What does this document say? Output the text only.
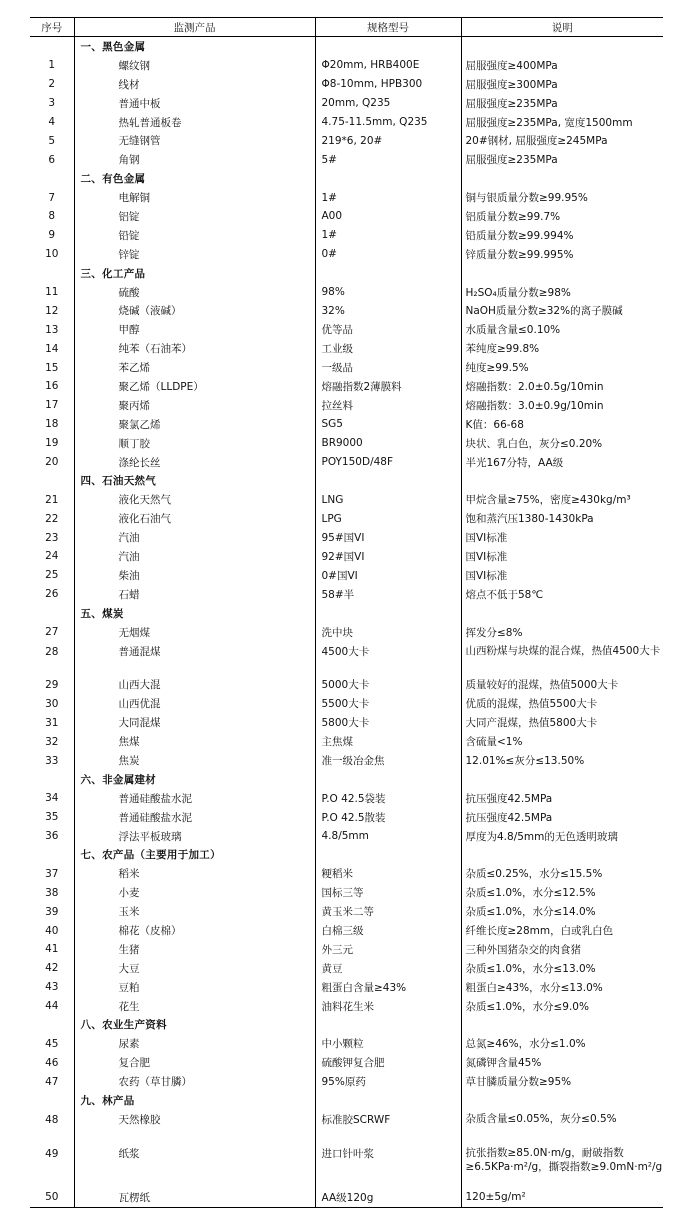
序号	监测产品	规格型号	说明
	一、黑色金属		
1	螺纹钢	Φ20mm, HRB400E	屈服强度≥400MPa
2	线材	Φ8-10mm, HPB300	屈服强度≥300MPa
3	普通中板	20mm, Q235	屈服强度≥235MPa
4	热轧普通板卷	4.75-11.5mm, Q235	屈服强度≥235MPa, 宽度1500mm
5	无缝钢管	219*6, 20#	20#钢材, 屈服强度≥245MPa
6	角钢	5#	屈服强度≥235MPa
	二、有色金属		
7	电解铜	1#	铜与银质量分数≥99.95%
8	铝锭	A00	铝质量分数≥99.7%
9	铅锭	1#	铅质量分数≥99.994%
10	锌锭	0#	锌质量分数≥99.995%
	三、化工产品		
11	硫酸	98%	H₂SO₄质量分数≥98%
12	烧碱（液碱）	32%	NaOH质量分数≥32%的离子膜碱
13	甲醇	优等品	水质量含量≤0.10%
14	纯苯（石油苯）	工业级	苯纯度≥99.8%
15	苯乙烯	一级品	纯度≥99.5%
16	聚乙烯（LLDPE）	熔融指数2薄膜料	熔融指数：2.0±0.5g/10min
17	聚丙烯	拉丝料	熔融指数：3.0±0.9g/10min
18	聚氯乙烯	SG5	K值：66-68
19	顺丁胶	BR9000	块状、乳白色，灰分≤0.20%
20	涤纶长丝	POY150D/48F	半光167分特，AA级
	四、石油天然气		
21	液化天然气	LNG	甲烷含量≥75%，密度≥430kg/m³
22	液化石油气	LPG	饱和蒸汽压1380-1430kPa
23	汽油	95#国VI	国VI标准
24	汽油	92#国VI	国VI标准
25	柴油	0#国VI	国VI标准
26	石蜡	58#半	熔点不低于58℃
	五、煤炭		
27	无烟煤	洗中块	挥发分≤8%
28	普通混煤	4500大卡	山西粉煤与块煤的混合煤，热值4500大卡
29	山西大混	5000大卡	质量较好的混煤，热值5000大卡
30	山西优混	5500大卡	优质的混煤，热值5500大卡
31	大同混煤	5800大卡	大同产混煤，热值5800大卡
32	焦煤	主焦煤	含硫量<1%
33	焦炭	准一级冶金焦	12.01%≤灰分≤13.50%
	六、非金属建材		
34	普通硅酸盐水泥	P.O 42.5袋装	抗压强度42.5MPa
35	普通硅酸盐水泥	P.O 42.5散装	抗压强度42.5MPa
36	浮法平板玻璃	4.8/5mm	厚度为4.8/5mm的无色透明玻璃
	七、农产品（主要用于加工）		
37	稻米	粳稻米	杂质≤0.25%，水分≤15.5%
38	小麦	国标三等	杂质≤1.0%，水分≤12.5%
39	玉米	黄玉米二等	杂质≤1.0%，水分≤14.0%
40	棉花（皮棉）	白棉三级	纤维长度≥28mm，白或乳白色
41	生猪	外三元	三种外国猪杂交的肉食猪
42	大豆	黄豆	杂质≤1.0%，水分≤13.0%
43	豆粕	粗蛋白含量≥43%	粗蛋白≥43%，水分≤13.0%
44	花生	油料花生米	杂质≤1.0%，水分≤9.0%
	八、农业生产资料		
45	尿素	中小颗粒	总氮≥46%，水分≤1.0%
46	复合肥	硫酸钾复合肥	氮磷钾含量45%
47	农药（草甘膦）	95%原药	草甘膦质量分数≥95%
	九、林产品		
48	天然橡胶	标准胶SCRWF	杂质含量≤0.05%，灰分≤0.5%
49	纸浆	进口针叶浆	抗张指数≥85.0N·m/g，耐破指数≥6.5KPa·m²/g，撕裂指数≥9.0mN·m²/g
50	瓦楞纸	AA级120g	120±5g/m²
